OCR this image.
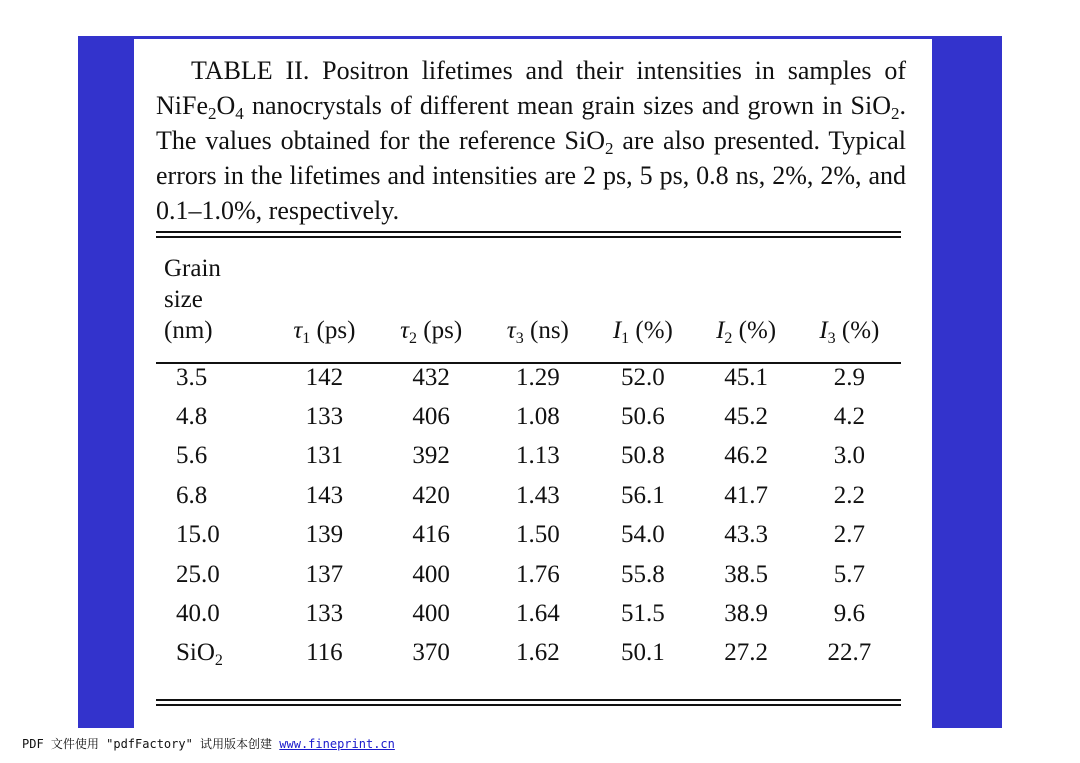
TABLE II. Positron lifetimes and their intensities in samples of $NiFe_2O_4$ nanocrystals of different mean grain sizes and grown in SiO$_2$. The values obtained for the reference SiO$_2$ are also presented. Typical errors in the lifetimes and intensities are 2 ps, 5 ps, 0.8 ns, 2%, 2%, and 0.1–1.0%, respectively.
Grain
size
(nm)	$\tau_1$ (ps)	$\tau_2$ (ps)	$\tau_3$ (ns)	$I_1$ (%)	$I_2$ (%)	$I_3$ (%)
3.5	142	432	1.29	52.0	45.1	2.9
4.8	133	406	1.08	50.6	45.2	4.2
5.6	131	392	1.13	50.8	46.2	3.0
6.8	143	420	1.43	56.1	41.7	2.2
15.0	139	416	1.50	54.0	43.3	2.7
25.0	137	400	1.76	55.8	38.5	5.7
40.0	133	400	1.64	51.5	38.9	9.6
SiO$_2$	116	370	1.62	50.1	27.2	22.7
PDF 文件使用 "pdfFactory" 试用版本创建 www.fineprint.cn
